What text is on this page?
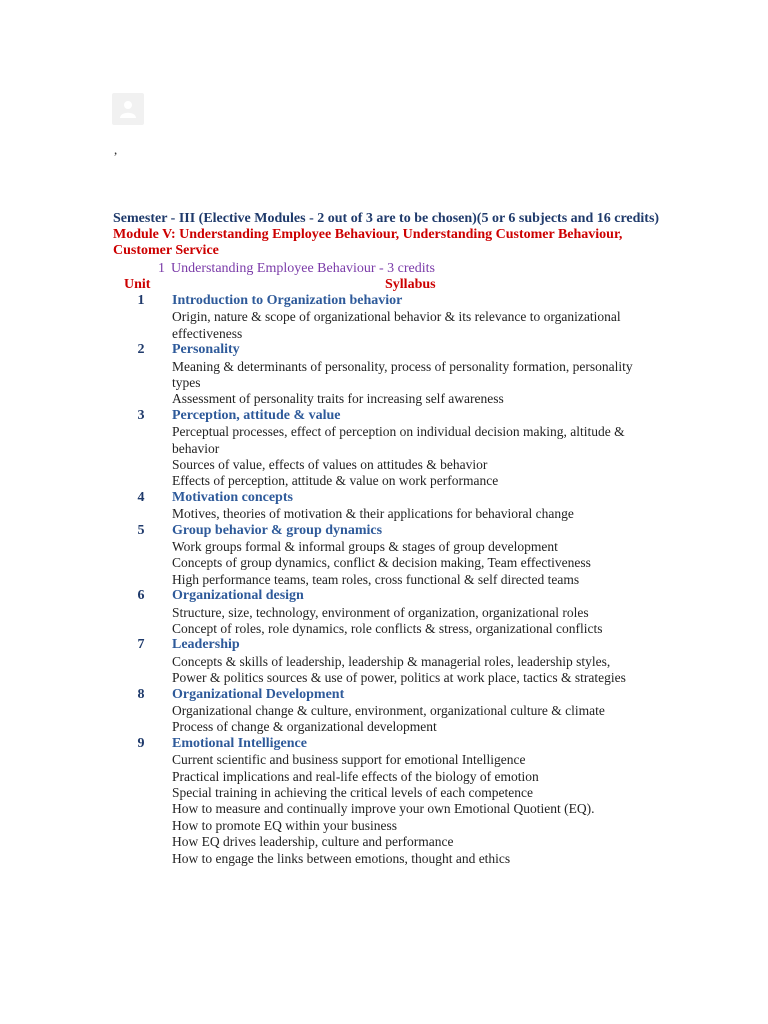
,
Semester - III (Elective Modules - 2 out of 3 are to be chosen)(5 or 6 subjects and 16 credits)
Module V: Understanding Employee Behaviour, Understanding Customer Behaviour, Customer Service
1 Understanding Employee Behaviour - 3 credits
Unit	Syllabus
1 Introduction to Organization behavior
Origin, nature & scope of organizational behavior & its relevance to organizational effectiveness
2 Personality
Meaning & determinants of personality, process of personality formation, personality types
Assessment of personality traits for increasing self awareness
3 Perception, attitude & value
Perceptual processes, effect of perception on individual decision making, altitude & behavior
Sources of value, effects of values on attitudes & behavior
Effects of perception, attitude & value on work performance
4 Motivation concepts
Motives, theories of motivation & their applications for behavioral change
5 Group behavior & group dynamics
Work groups formal & informal groups & stages of group development
Concepts of group dynamics, conflict & decision making, Team effectiveness
High performance teams, team roles, cross functional & self directed teams
6 Organizational design
Structure, size, technology, environment of organization, organizational roles
Concept of roles, role dynamics, role conflicts & stress, organizational conflicts
7 Leadership
Concepts & skills of leadership, leadership & managerial roles, leadership styles,
Power & politics sources & use of power, politics at work place, tactics & strategies
8 Organizational Development
Organizational change & culture, environment, organizational culture & climate
Process of change & organizational development
9 Emotional Intelligence
Current scientific and business support for emotional Intelligence
Practical implications and real-life effects of the biology of emotion
Special training in achieving the critical levels of each competence
How to measure and continually improve your own Emotional Quotient (EQ).
How to promote EQ within your business
How EQ drives leadership, culture and performance
How to engage the links between emotions, thought and ethics
